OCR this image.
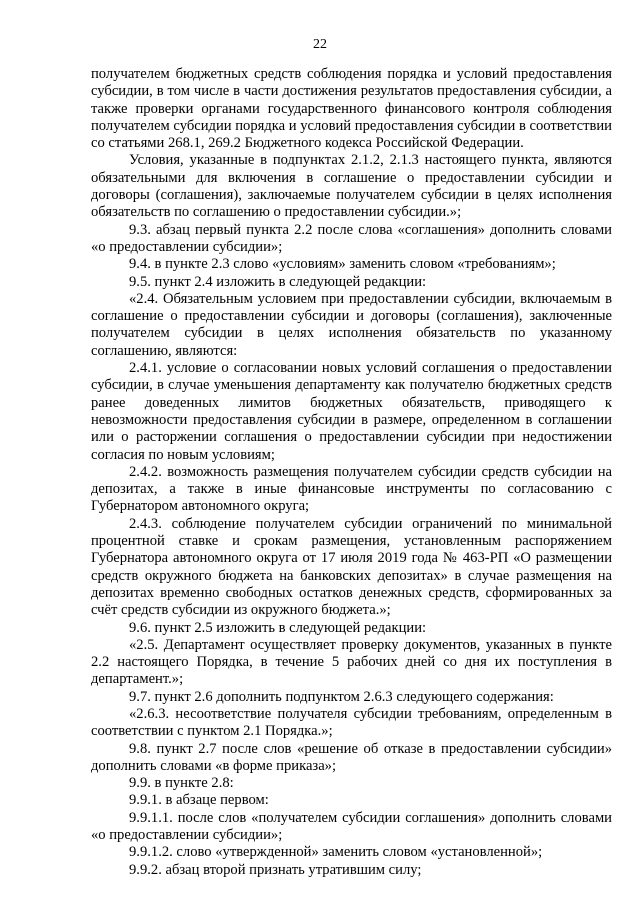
22

получателем бюджетных средств соблюдения порядка и условий предоставления субсидии, в том числе в части достижения результатов предоставления субсидии, а также проверки органами государственного финансового контроля соблюдения получателем субсидии порядка и условий предоставления субсидии в соответствии со статьями 268.1, 269.2 Бюджетного кодекса Российской Федерации.

Условия, указанные в подпунктах 2.1.2, 2.1.3 настоящего пункта, являются обязательными для включения в соглашение о предоставлении субсидии и договоры (соглашения), заключаемые получателем субсидии в целях исполнения обязательств по соглашению о предоставлении субсидии.»;

9.3. абзац первый пункта 2.2 после слова «соглашения» дополнить словами «о предоставлении субсидии»;

9.4. в пункте 2.3 слово «условиям» заменить словом «требованиям»;

9.5. пункт 2.4 изложить в следующей редакции:

«2.4. Обязательным условием при предоставлении субсидии, включаемым в соглашение о предоставлении субсидии и договоры (соглашения), заключенные получателем субсидии в целях исполнения обязательств по указанному соглашению, являются:

2.4.1. условие о согласовании новых условий соглашения о предоставлении субсидии, в случае уменьшения департаменту как получателю бюджетных средств ранее доведенных лимитов бюджетных обязательств, приводящего к невозможности предоставления субсидии в размере, определенном в соглашении или о расторжении соглашения о предоставлении субсидии при недостижении согласия по новым условиям;

2.4.2. возможность размещения получателем субсидии средств субсидии на депозитах, а также в иные финансовые инструменты по согласованию с Губернатором автономного округа;

2.4.3. соблюдение получателем субсидии ограничений по минимальной процентной ставке и срокам размещения, установленным распоряжением Губернатора автономного округа от 17 июля 2019 года № 463-РП «О размещении средств окружного бюджета на банковских депозитах» в случае размещения на депозитах временно свободных остатков денежных средств, сформированных за счёт средств субсидии из окружного бюджета.»;

9.6. пункт 2.5 изложить в следующей редакции:

«2.5. Департамент осуществляет проверку документов, указанных в пункте 2.2 настоящего Порядка, в течение 5 рабочих дней со дня их поступления в департамент.»;

9.7. пункт 2.6 дополнить подпунктом 2.6.3 следующего содержания:

«2.6.3. несоответствие получателя субсидии требованиям, определенным в соответствии с пунктом 2.1 Порядка.»;

9.8. пункт 2.7 после слов «решение об отказе в предоставлении субсидии» дополнить словами «в форме приказа»;

9.9. в пункте 2.8:

9.9.1. в абзаце первом:

9.9.1.1. после слов «получателем субсидии соглашения» дополнить словами «о предоставлении субсидии»;

9.9.1.2. слово «утвержденной» заменить словом «установленной»;

9.9.2. абзац второй признать утратившим силу;
